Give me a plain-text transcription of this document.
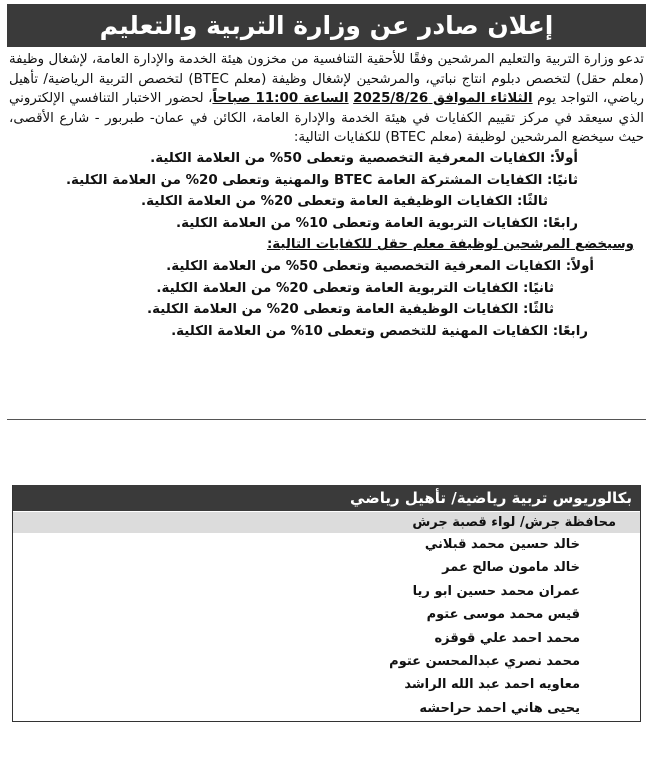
إعلان صادر عن وزارة التربية والتعليم
تدعو وزارة التربية والتعليم المرشحين وفقًا للأحقية التنافسية من مخزون هيئة الخدمة والإدارة العامة، لإشغال وظيفة (معلم حقل) لتخصص دبلوم انتاج نباتي، والمرشحين لإشغال وظيفة (معلم BTEC) لتخصص التربية الرياضية/ تأهيل رياضي، التواجد يوم الثلاثاء الموافق 2025/8/26 الساعة 11:00 صباحاً، لحضور الاختبار التنافسي الإلكتروني الذي سيعقد في مركز تقييم الكفايات في هيئة الخدمة والإدارة العامة، الكائن في عمان- طبربور - شارع الأقصى، حيث سيخضع المرشحين لوظيفة (معلم BTEC) للكفايات التالية:
أولاً: الكفايات المعرفية التخصصية وتعطى 50% من العلامة الكلية.
ثانيًا: الكفايات المشتركة العامة BTEC والمهنية وتعطى 20% من العلامة الكلية.
ثالثًا: الكفايات الوظيفية العامة وتعطى 20% من العلامة الكلية.
رابعًا: الكفايات التربوية العامة وتعطى 10% من العلامة الكلية.
وسيخضع المرشحين لوظيفة معلم حقل للكفايات التالية:
أولاً: الكفايات المعرفية التخصصية وتعطى 50% من العلامة الكلية.
ثانيًا: الكفايات التربوية العامة وتعطى 20% من العلامة الكلية.
ثالثًا: الكفايات الوظيفية العامة وتعطى 20% من العلامة الكلية.
رابعًا: الكفايات المهنية للتخصص وتعطى 10% من العلامة الكلية.
بكالوريوس تربية رياضية/ تأهيل رياضي
محافظة جرش/ لواء قصبة جرش
خالد حسين محمد قبلاني
خالد مامون صالح عمر
عمران محمد حسين ابو ريا
قيس محمد موسى عتوم
محمد احمد علي قوقزه
محمد نصري عبدالمحسن عتوم
معاويه احمد عبد الله الراشد
يحيى هاني احمد حراحشه
